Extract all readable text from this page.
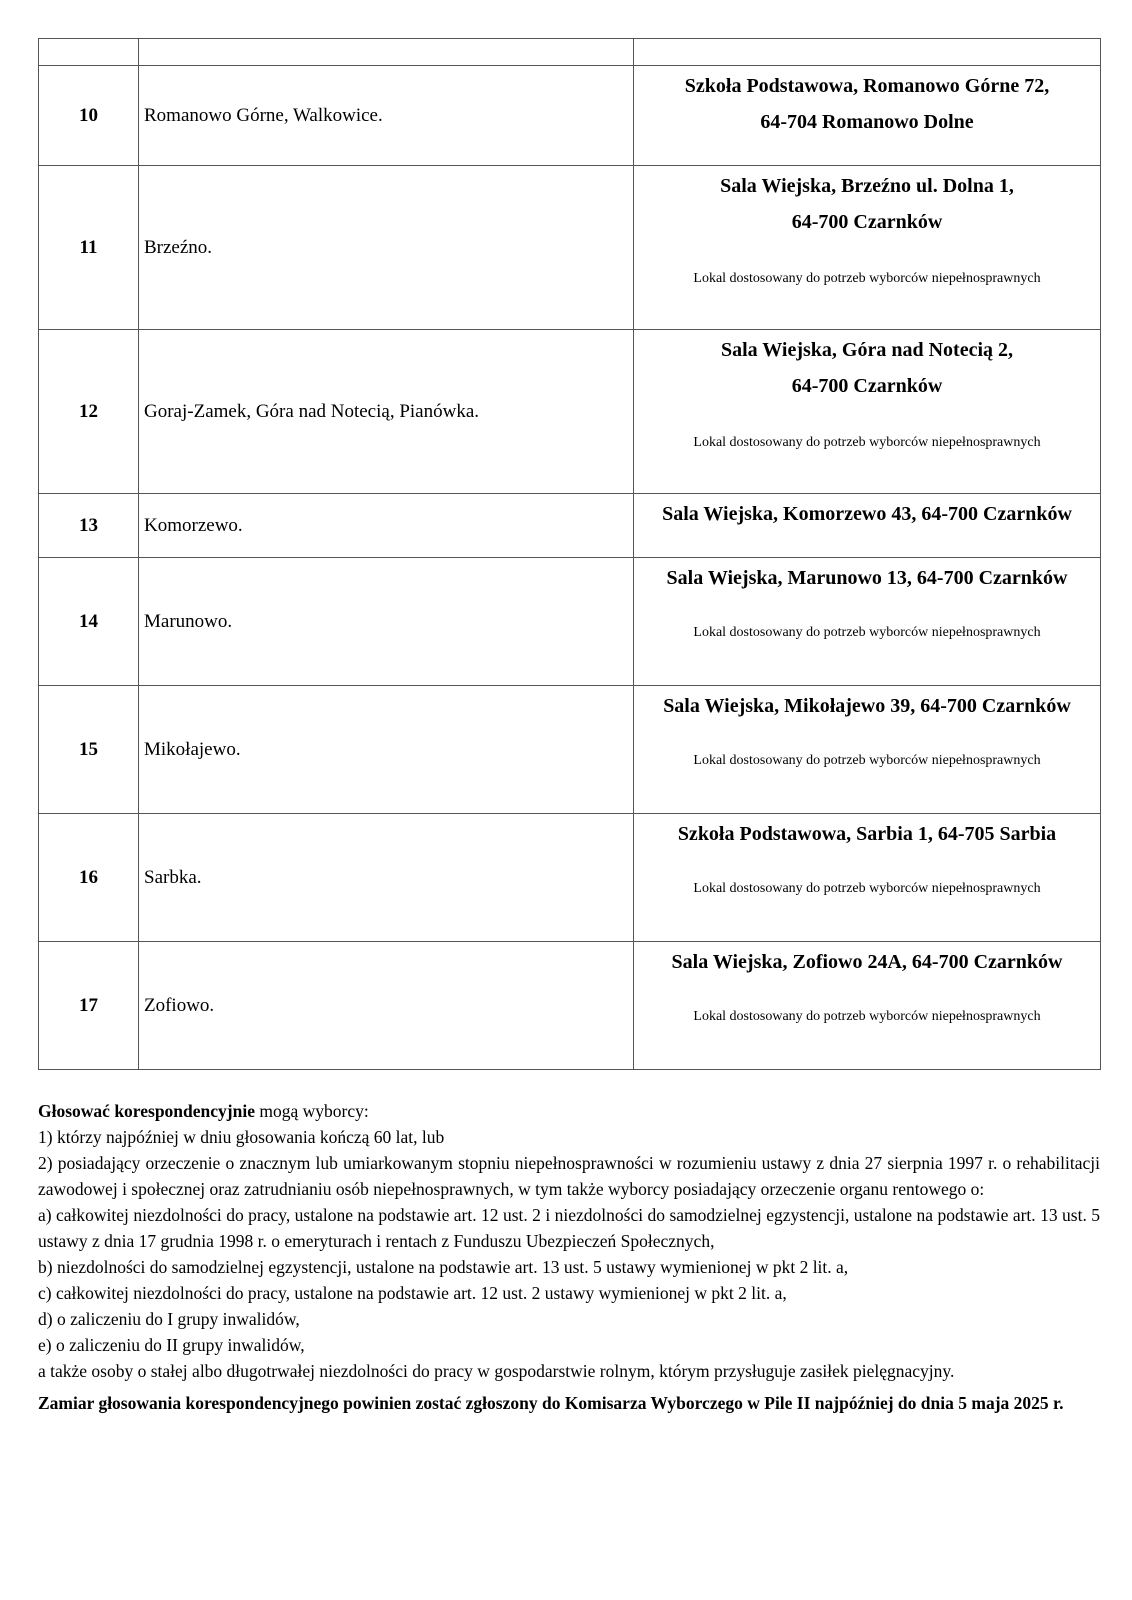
10	Romanowo Górne, Walkowice.	Szkoła Podstawowa, Romanowo Górne 72,
64-704 Romanowo Dolne

11	Brzeźno.	Sala Wiejska, Brzeźno ul. Dolna 1,
64-700 Czarnków
Lokal dostosowany do potrzeb wyborców niepełnosprawnych

12	Goraj-Zamek, Góra nad Notecią, Pianówka.	Sala Wiejska, Góra nad Notecią 2,
64-700 Czarnków
Lokal dostosowany do potrzeb wyborców niepełnosprawnych

13	Komorzewo.	Sala Wiejska, Komorzewo 43, 64-700 Czarnków

14	Marunowo.	Sala Wiejska, Marunowo 13, 64-700 Czarnków
Lokal dostosowany do potrzeb wyborców niepełnosprawnych

15	Mikołajewo.	Sala Wiejska, Mikołajewo 39, 64-700 Czarnków
Lokal dostosowany do potrzeb wyborców niepełnosprawnych

16	Sarbka.	Szkoła Podstawowa, Sarbia 1, 64-705 Sarbia
Lokal dostosowany do potrzeb wyborców niepełnosprawnych

17	Zofiowo.	Sala Wiejska, Zofiowo 24A, 64-700 Czarnków
Lokal dostosowany do potrzeb wyborców niepełnosprawnych

Głosować korespondencyjnie mogą wyborcy:

1) którzy najpóźniej w dniu głosowania kończą 60 lat, lub

2) posiadający orzeczenie o znacznym lub umiarkowanym stopniu niepełnosprawności w rozumieniu ustawy z dnia 27 sierpnia 1997 r. o rehabilitacji zawodowej i społecznej oraz zatrudnianiu osób niepełnosprawnych, w tym także wyborcy posiadający orzeczenie organu rentowego o:

a) całkowitej niezdolności do pracy, ustalone na podstawie art. 12 ust. 2 i niezdolności do samodzielnej egzystencji, ustalone na podstawie art. 13 ust. 5 ustawy z dnia 17 grudnia 1998 r. o emeryturach i rentach z Funduszu Ubezpieczeń Społecznych,

b) niezdolności do samodzielnej egzystencji, ustalone na podstawie art. 13 ust. 5 ustawy wymienionej w pkt 2 lit. a,

c) całkowitej niezdolności do pracy, ustalone na podstawie art. 12 ust. 2 ustawy wymienionej w pkt 2 lit. a,

d) o zaliczeniu do I grupy inwalidów,

e) o zaliczeniu do II grupy inwalidów,

a także osoby o stałej albo długotrwałej niezdolności do pracy w gospodarstwie rolnym, którym przysługuje zasiłek pielęgnacyjny.

Zamiar głosowania korespondencyjnego powinien zostać zgłoszony do Komisarza Wyborczego w Pile II najpóźniej do dnia 5 maja 2025 r.
